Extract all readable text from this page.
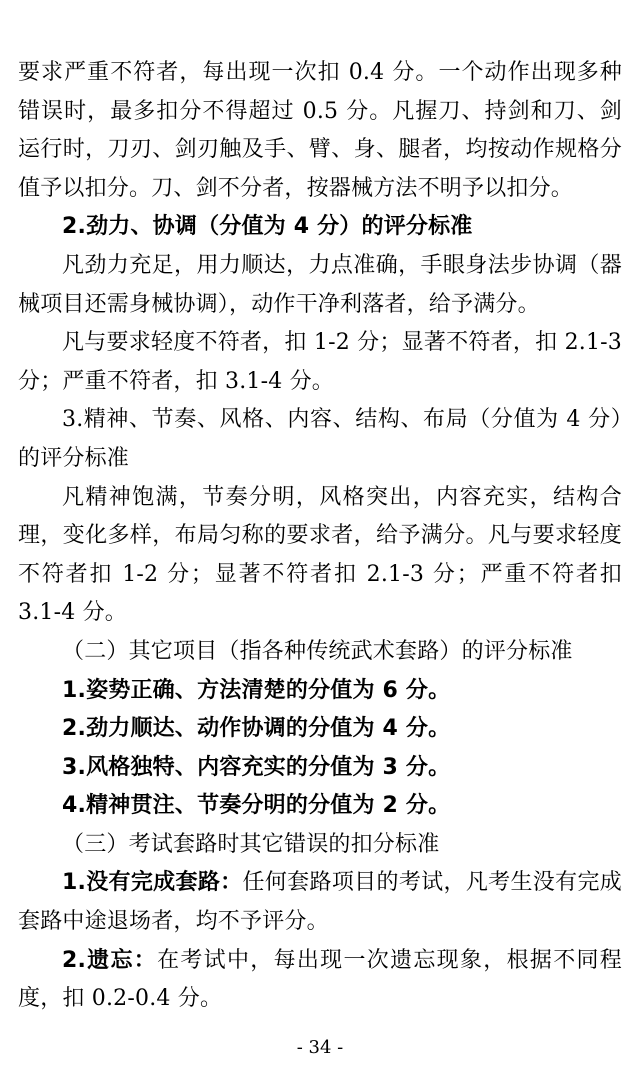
要求严重不符者，每出现一次扣 0.4 分。一个动作出现多种错误时，最多扣分不得超过 0.5 分。凡握刀、持剑和刀、剑运行时，刀刃、剑刃触及手、臂、身、腿者，均按动作规格分值予以扣分。刀、剑不分者，按器械方法不明予以扣分。

2.劲力、协调（分值为 4 分）的评分标准

凡劲力充足，用力顺达，力点准确，手眼身法步协调（器械项目还需身械协调），动作干净利落者，给予满分。

凡与要求轻度不符者，扣 1-2 分；显著不符者，扣 2.1-3 分；严重不符者，扣 3.1-4 分。

3.精神、节奏、风格、内容、结构、布局（分值为 4 分）的评分标准

凡精神饱满，节奏分明，风格突出，内容充实，结构合理，变化多样，布局匀称的要求者，给予满分。凡与要求轻度不符者扣 1-2 分；显著不符者扣 2.1-3 分；严重不符者扣 3.1-4 分。

（二）其它项目（指各种传统武术套路）的评分标准

1.姿势正确、方法清楚的分值为 6 分。

2.劲力顺达、动作协调的分值为 4 分。

3.风格独特、内容充实的分值为 3 分。

4.精神贯注、节奏分明的分值为 2 分。

（三）考试套路时其它错误的扣分标准

1.没有完成套路：任何套路项目的考试，凡考生没有完成套路中途退场者，均不予评分。

2.遗忘：在考试中，每出现一次遗忘现象，根据不同程度，扣 0.2-0.4 分。

- 34 -
